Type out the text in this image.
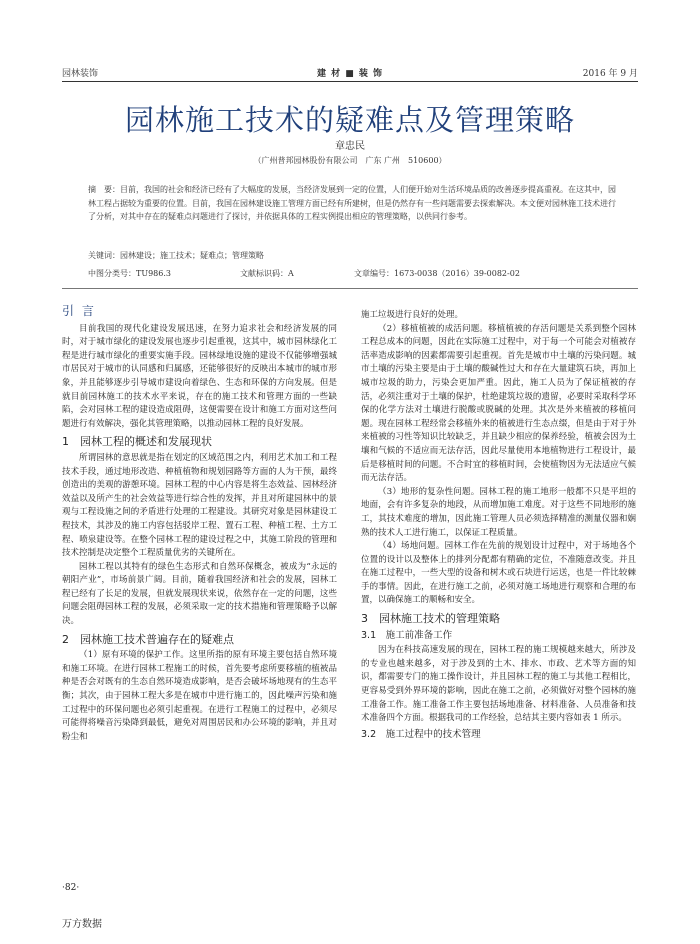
园林装饰	建 材 ■ 装 饰	2016 年 9 月
园林施工技术的疑难点及管理策略
章忠民
（广州普邦园林股份有限公司　广东 广州　510600）
摘　要：目前，我国的社会和经济已经有了大幅度的发展，当经济发展到一定的位置，人们便开始对生活环境品质的改善逐步提高重视。在这其中，园林工程占据较为重要的位置。目前，我国在园林建设施工管理方面已经有所建树，但是仍然存有一些问题需要去探索解决。本文便对园林施工技术进行了分析，对其中存在的疑难点问题进行了探讨，并依据具体的工程实例提出相应的管理策略，以供同行参考。
关键词：园林建设；施工技术；疑难点；管理策略
中图分类号：TU986.3	文献标识码：A	文章编号：1673-0038（2016）39-0082-02

引 言

目前我国的现代化建设发展迅速，在努力追求社会和经济发展的同时，对于城市绿化的建设发展也逐步引起重视，这其中，城市园林绿化工程是进行城市绿化的重要实施手段。园林绿地设施的建设不仅能够增强城市居民对于城市的认同感和归属感，还能够很好的反映出本城市的城市形象，并且能够逐步引导城市建设向着绿色、生态和环保的方向发展。但是就目前园林施工的技术水平来说，存在的施工技术和管理方面的一些缺陷，会对园林工程的建设造成阻碍，这便需要在设计和施工方面对这些问题进行有效解决，强化其管理策略，以推动园林工程的良好发展。

1　园林工程的概述和发展现状

所谓园林的意思就是指在划定的区域范围之内，利用艺术加工和工程技术手段，通过地形改造、种植植物和规划园路等方面的人为干预，最终创造出的美观的游憩环境。园林工程的中心内容是将生态效益、园林经济效益以及所产生的社会效益等进行综合性的发挥，并且对所建园林中的景观与工程设施之间的矛盾进行处理的工程建设。其研究对象是园林建设工程技术，其涉及的施工内容包括驳岸工程、置石工程、种植工程、土方工程、喷泉建设等。在整个园林工程的建设过程之中，其施工阶段的管理和技术控制是决定整个工程质量优劣的关键所在。

园林工程以其特有的绿色生态形式和自然环保概念，被成为“永远的朝阳产业”，市场前景广阔。目前，随着我国经济和社会的发展，园林工程已经有了长足的发展，但就发展现状来说，依然存在一定的问题，这些问题会阻碍园林工程的发展，必须采取一定的技术措施和管理策略予以解决。

2　园林施工技术普遍存在的疑难点

（1）原有环境的保护工作。这里所指的原有环境主要包括自然环境和施工环境。在进行园林工程施工的时候，首先要考虑所要移植的植被品种是否会对既有的生态自然环境造成影响，是否会破坏场地现有的生态平衡；其次，由于园林工程大多是在城市中进行施工的，因此噪声污染和施工过程中的环保问题也必须引起重视。在进行工程施工的过程中，必须尽可能得将噪音污染降到最低，避免对周围居民和办公环境的影响，并且对粉尘和

施工垃圾进行良好的处理。

（2）移植植被的成活问题。移植植被的存活问题是关系到整个园林工程总成本的问题，因此在实际施工过程中，对于每一个可能会对植被存活率造成影响的因素都需要引起重视。首先是城市中土壤的污染问题。城市土壤的污染主要是由于土壤的酸碱性过大和存在大量建筑石块，再加上城市垃圾的助力，污染会更加严重。因此，施工人员为了保证植被的存活，必须注重对于土壤的保护，杜绝建筑垃圾的遗留，必要时采取科学环保的化学方法对土壤进行脱酸或脱碱的处理。其次是外来植被的移植问题。现在园林工程经常会移植外来的植被进行生态点缀，但是由于对于外来植被的习性等知识比较缺乏，并且缺少相应的保养经验，植被会因为土壤和气候的不适应而无法存活，因此尽量使用本地植物进行工程设计，最后是移植时间的问题。不合时宜的移植时间，会使植物因为无法适应气候而无法存活。

（3）地形的复杂性问题。园林工程的施工地形一般都不只是平坦的地面，会有许多复杂的地段，从而增加施工难度。对于这些不同地形的施工，其技术难度的增加，因此施工管理人员必须选择精准的测量仪器和娴熟的技术人工进行施工，以保证工程质量。

（4）场地问题。园林工作在先前的规划设计过程中，对于场地各个位置的设计以及整体上的排列分配都有精确的定位，不准随意改变。并且在施工过程中，一些大型的设备和树木或石块进行运送，也是一件比较棘手的事情。因此，在进行施工之前，必须对施工场地进行观察和合理的布置，以确保施工的顺畅和安全。

3　园林施工技术的管理策略

3.1　施工前准备工作

因为在科技高速发展的现在，园林工程的施工规模越来越大，所涉及的专业也越来越多，对于涉及到的土木、排水、市政、艺术等方面的知识，都需要专门的施工操作设计，并且园林工程的施工与其他工程相比，更容易受到外界环境的影响，因此在施工之前，必须做好对整个园林的施工准备工作。施工准备工作主要包括场地准备、材料准备、人员准备和技术准备四个方面。根据我司的工作经验，总结其主要内容如表 1 所示。

3.2　施工过程中的技术管理

·82·
万方数据
